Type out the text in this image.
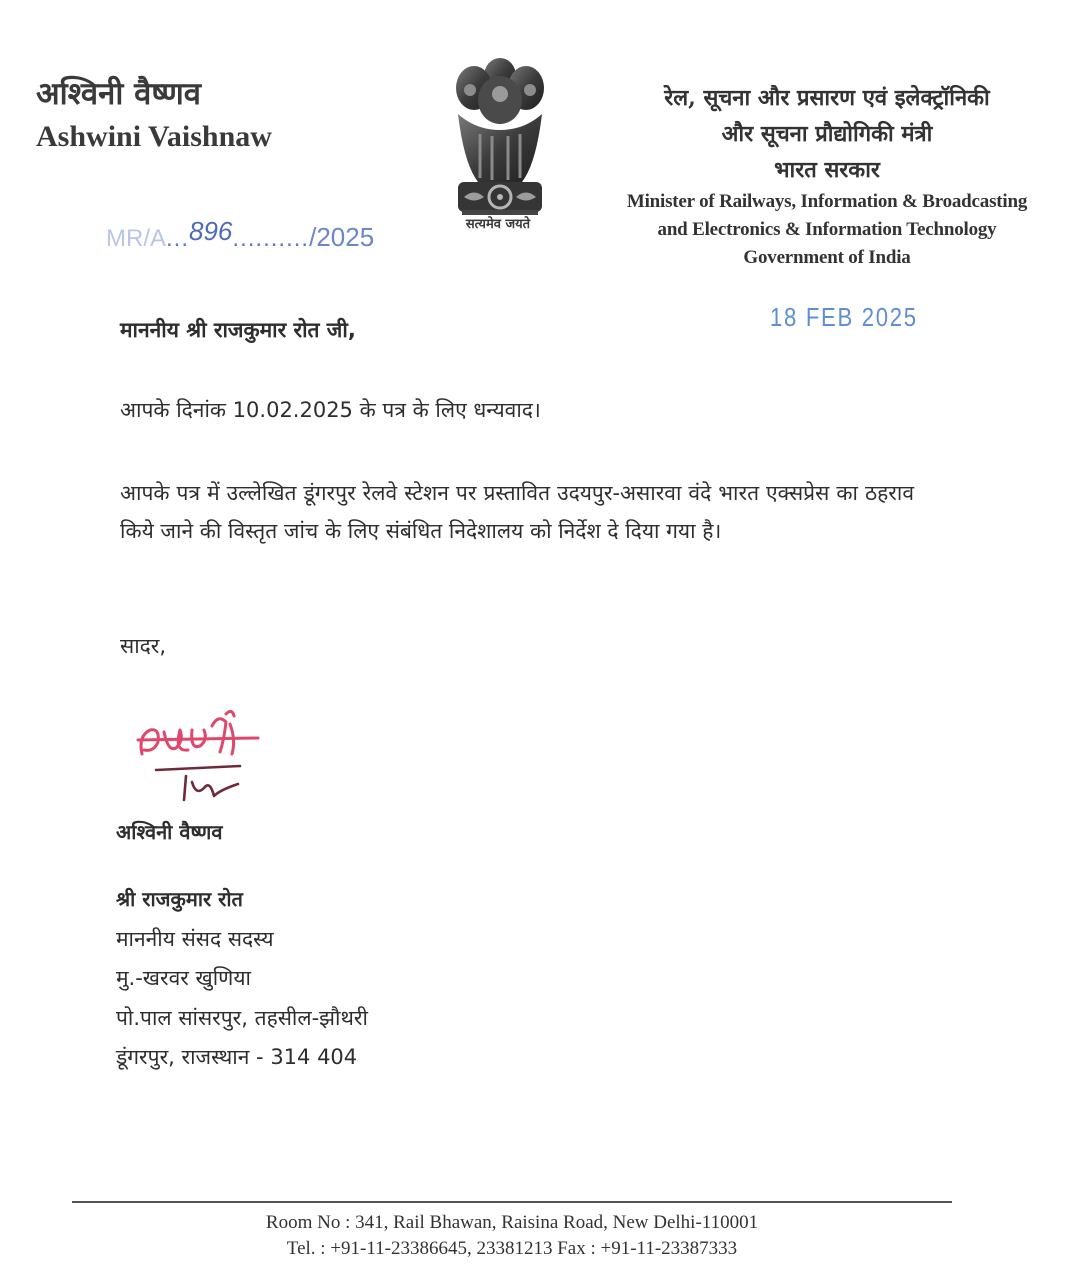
अश्विनी वैष्णव
Ashwini Vaishnaw
MR/A...896........../2025	सत्यमेव जयते
रेल, सूचना और प्रसारण एवं इलेक्ट्रॉनिकी
और सूचना प्रौद्योगिकी मंत्री
भारत सरकार
Minister of Railways, Information & Broadcasting
and Electronics & Information Technology
Government of India
18 FEB 2025
माननीय श्री राजकुमार रोत जी,
आपके दिनांक 10.02.2025 के पत्र के लिए धन्यवाद।
आपके पत्र में उल्लेखित डूंगरपुर रेलवे स्टेशन पर प्रस्तावित उदयपुर-असारवा वंदे भारत एक्सप्रेस का ठहराव किये जाने की विस्तृत जांच के लिए संबंधित निदेशालय को निर्देश दे दिया गया है।
सादर,
अश्विनी वैष्णव
श्री राजकुमार रोत
माननीय संसद सदस्य
मु.-खरवर खुणिया
पो.पाल सांसरपुर, तहसील-झौथरी
डूंगरपुर, राजस्थान - 314 404
Room No : 341, Rail Bhawan, Raisina Road, New Delhi-110001
Tel. : +91-11-23386645, 23381213 Fax : +91-11-23387333
